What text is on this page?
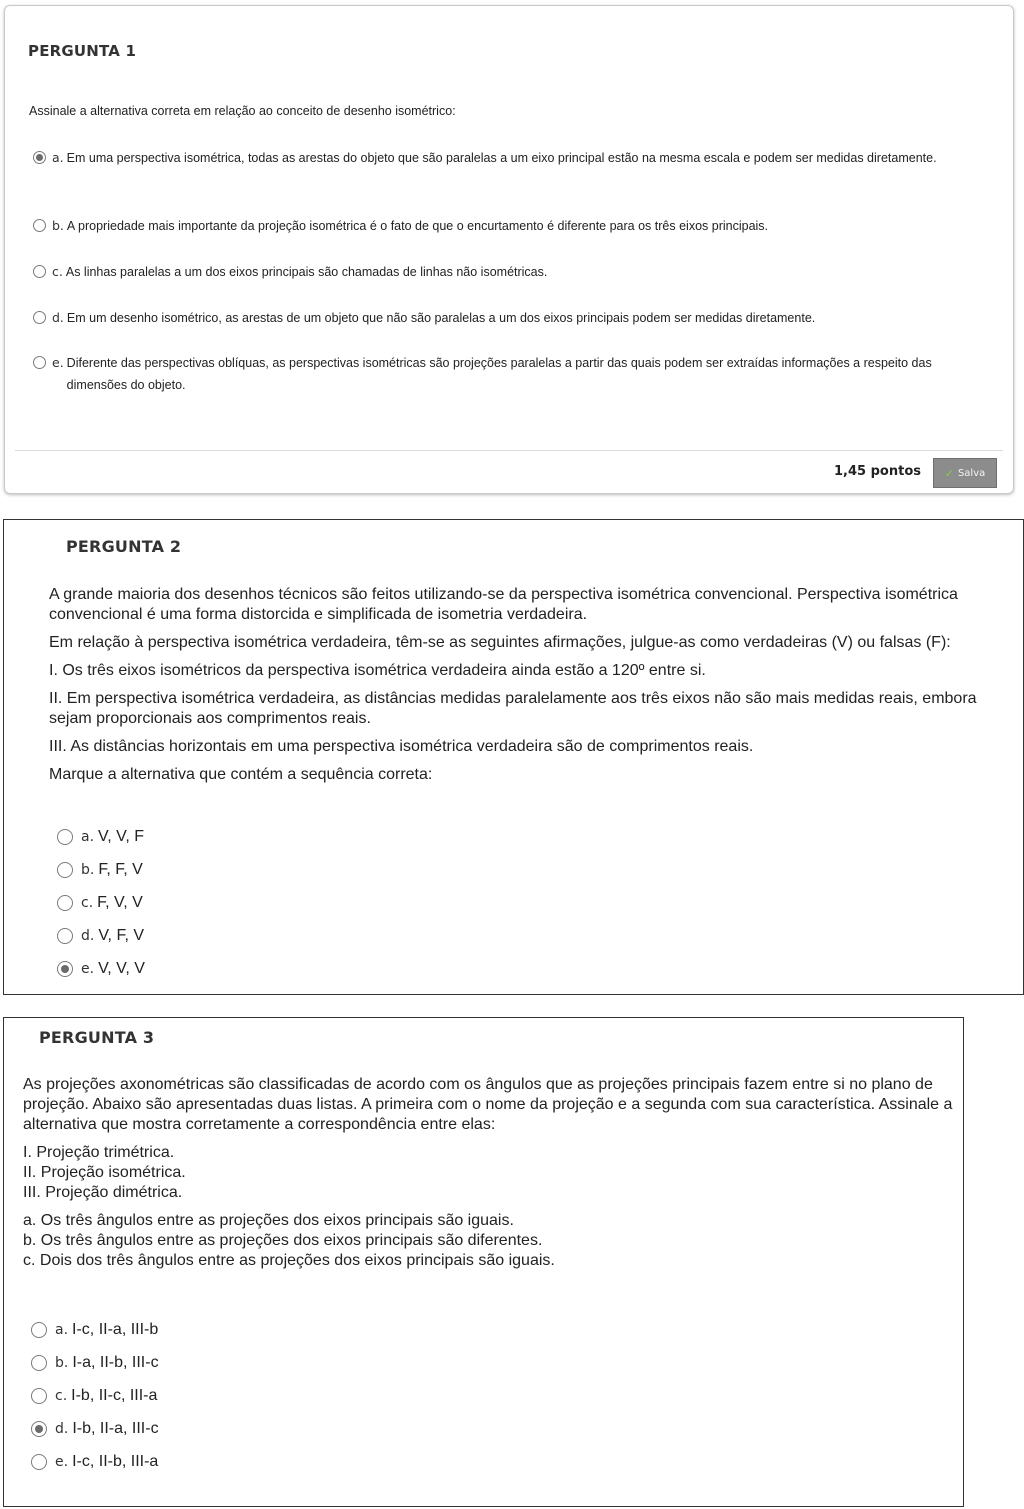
PERGUNTA 1
Assinale a alternativa correta em relação ao conceito de desenho isométrico:
a. Em uma perspectiva isométrica, todas as arestas do objeto que são paralelas a um eixo principal estão na mesma escala e podem ser medidas diretamente.
b. A propriedade mais importante da projeção isométrica é o fato de que o encurtamento é diferente para os três eixos principais.
c. As linhas paralelas a um dos eixos principais são chamadas de linhas não isométricas.
d. Em um desenho isométrico, as arestas de um objeto que não são paralelas a um dos eixos principais podem ser medidas diretamente.
e. Diferente das perspectivas oblíquas, as perspectivas isométricas são projeções paralelas a partir das quais podem ser extraídas informações a respeito das dimensões do objeto.
1,45 pontos ✓ Salva
PERGUNTA 2

A grande maioria dos desenhos técnicos são feitos utilizando-se da perspectiva isométrica convencional. Perspectiva isométrica convencional é uma forma distorcida e simplificada de isometria verdadeira.

Em relação à perspectiva isométrica verdadeira, têm-se as seguintes afirmações, julgue-as como verdadeiras (V) ou falsas (F):

I. Os três eixos isométricos da perspectiva isométrica verdadeira ainda estão a 120º entre si.

II. Em perspectiva isométrica verdadeira, as distâncias medidas paralelamente aos três eixos não são mais medidas reais, embora sejam proporcionais aos comprimentos reais.

III. As distâncias horizontais em uma perspectiva isométrica verdadeira são de comprimentos reais.

Marque a alternativa que contém a sequência correta:

a. V, V, F
b. F, F, V
c. F, V, V
d. V, F, V
e. V, V, V
PERGUNTA 3
As projeções axonométricas são classificadas de acordo com os ângulos que as projeções principais fazem entre si no plano de projeção. Abaixo são apresentadas duas listas. A primeira com o nome da projeção e a segunda com sua característica. Assinale a alternativa que mostra corretamente a correspondência entre elas:
I. Projeção trimétrica.
II. Projeção isométrica.
III. Projeção dimétrica.
a. Os três ângulos entre as projeções dos eixos principais são iguais.
b. Os três ângulos entre as projeções dos eixos principais são diferentes.
c. Dois dos três ângulos entre as projeções dos eixos principais são iguais.
a. I-c, II-a, III-b
b. I-a, II-b, III-c
c. I-b, II-c, III-a
d. I-b, II-a, III-c
e. I-c, II-b, III-a
